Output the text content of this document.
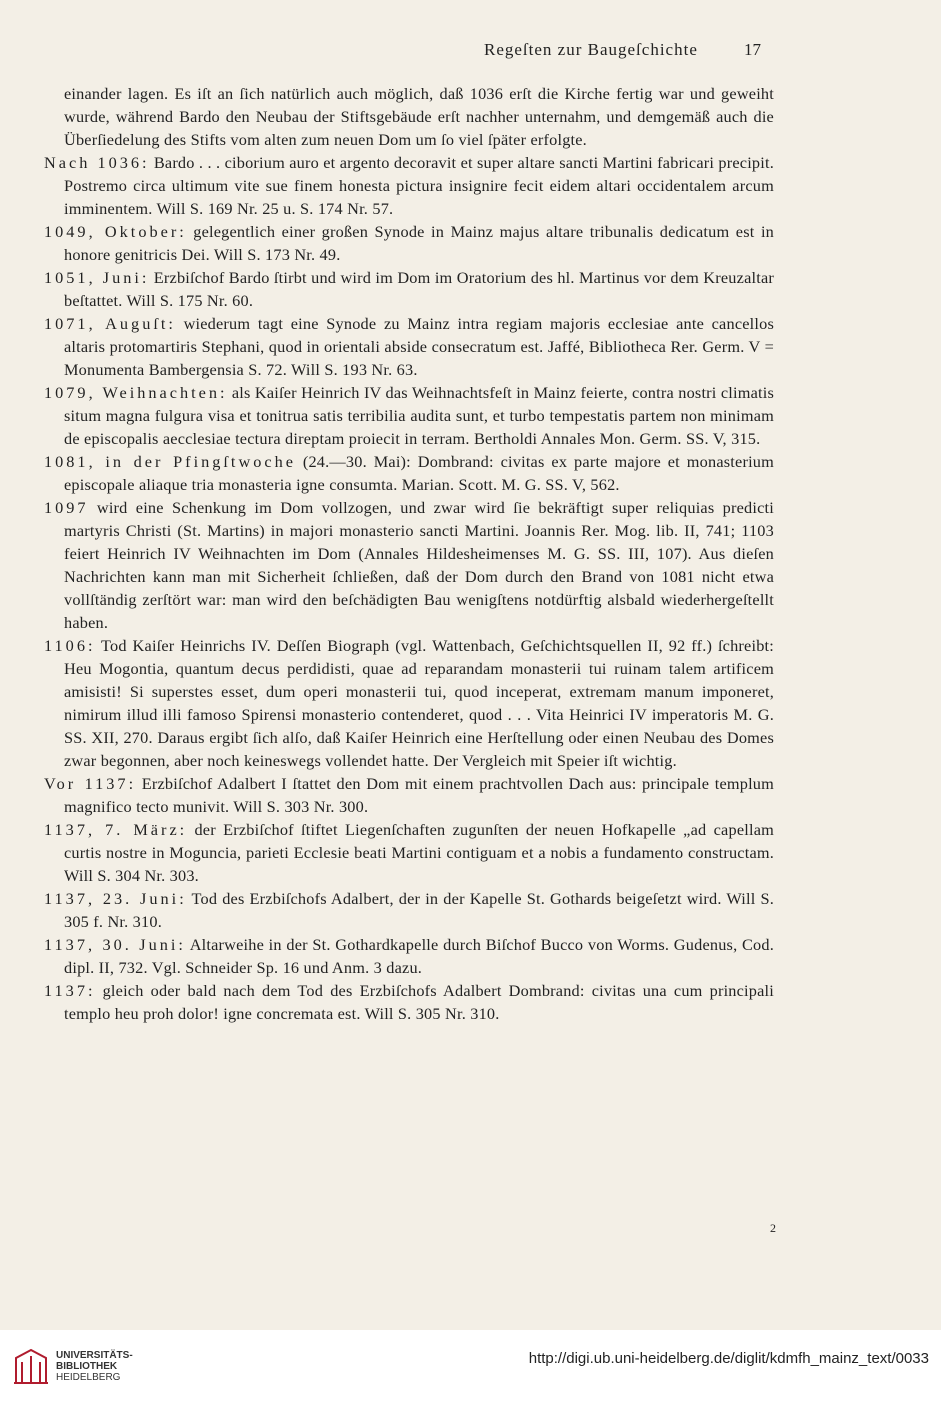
Regeſten zur Baugeſchichte	17

einander lagen. Es iſt an ſich natürlich auch möglich, daß 1036 erſt die Kirche fertig war und geweiht wurde, während Bardo den Neubau der Stiftsgebäude erſt nachher unternahm, und demgemäß auch die Überſiedelung des Stifts vom alten zum neuen Dom um ſo viel ſpäter erfolgte.

Nach 1036: Bardo . . . ciborium auro et argento decoravit et super altare sancti Martini fabricari precipit. Postremo circa ultimum vite sue finem honesta pictura insignire fecit eidem altari occidentalem arcum imminentem. Will S. 169 Nr. 25 u. S. 174 Nr. 57.

1049, Oktober: gelegentlich einer großen Synode in Mainz majus altare tribunalis dedicatum est in honore genitricis Dei. Will S. 173 Nr. 49.

1051, Juni: Erzbiſchof Bardo ſtirbt und wird im Dom im Oratorium des hl. Martinus vor dem Kreuzaltar beſtattet. Will S. 175 Nr. 60.

1071, Auguſt: wiederum tagt eine Synode zu Mainz intra regiam majoris ecclesiae ante cancellos altaris protomartiris Stephani, quod in orientali abside consecratum est. Jaffé, Bibliotheca Rer. Germ. V = Monumenta Bambergensia S. 72. Will S. 193 Nr. 63.

1079, Weihnachten: als Kaiſer Heinrich IV das Weihnachtsfeſt in Mainz feierte, contra nostri climatis situm magna fulgura visa et tonitrua satis terribilia audita sunt, et turbo tempestatis partem non minimam de episcopalis aecclesiae tectura direptam proiecit in terram. Bertholdi Annales Mon. Germ. SS. V, 315.

1081, in der Pfingſtwoche (24.—30. Mai): Dombrand: civitas ex parte majore et monasterium episcopale aliaque tria monasteria igne consumta. Marian. Scott. M. G. SS. V, 562.

1097 wird eine Schenkung im Dom vollzogen, und zwar wird ſie bekräftigt super reliquias predicti martyris Christi (St. Martins) in majori monasterio sancti Martini. Joannis Rer. Mog. lib. II, 741; 1103 feiert Heinrich IV Weihnachten im Dom (Annales Hildesheimenses M. G. SS. III, 107). Aus dieſen Nachrichten kann man mit Sicherheit ſchließen, daß der Dom durch den Brand von 1081 nicht etwa vollſtändig zerſtört war: man wird den beſchädigten Bau wenigſtens notdürftig alsbald wiederhergeſtellt haben.

1106: Tod Kaiſer Heinrichs IV. Deſſen Biograph (vgl. Wattenbach, Geſchichtsquellen II, 92 ff.) ſchreibt: Heu Mogontia, quantum decus perdidisti, quae ad reparandam monasterii tui ruinam talem artificem amisisti! Si superstes esset, dum operi monasterii tui, quod inceperat, extremam manum imponeret, nimirum illud illi famoso Spirensi monasterio contenderet, quod . . . Vita Heinrici IV imperatoris M. G. SS. XII, 270. Daraus ergibt ſich alſo, daß Kaiſer Heinrich eine Herſtellung oder einen Neubau des Domes zwar begonnen, aber noch keineswegs vollendet hatte. Der Vergleich mit Speier iſt wichtig.

Vor 1137: Erzbiſchof Adalbert I ſtattet den Dom mit einem prachtvollen Dach aus: principale templum magnifico tecto munivit. Will S. 303 Nr. 300.

1137, 7. März: der Erzbiſchof ſtiftet Liegenſchaften zugunſten der neuen Hofkapelle „ad capellam curtis nostre in Moguncia, parieti Ecclesie beati Martini contiguam et a nobis a fundamento constructam. Will S. 304 Nr. 303.

1137, 23. Juni: Tod des Erzbiſchofs Adalbert, der in der Kapelle St. Gothards beigeſetzt wird. Will S. 305 f. Nr. 310.

1137, 30. Juni: Altarweihe in der St. Gothardkapelle durch Biſchof Bucco von Worms. Gudenus, Cod. dipl. II, 732. Vgl. Schneider Sp. 16 und Anm. 3 dazu.

1137: gleich oder bald nach dem Tod des Erzbiſchofs Adalbert Dombrand: civitas una cum principali templo heu proh dolor! igne concremata est. Will S. 305 Nr. 310.

2
UNIVERSITÄTS-
BIBLIOTHEK
HEIDELBERG
http://digi.ub.uni-heidelberg.de/diglit/kdmfh_mainz_text/0033
